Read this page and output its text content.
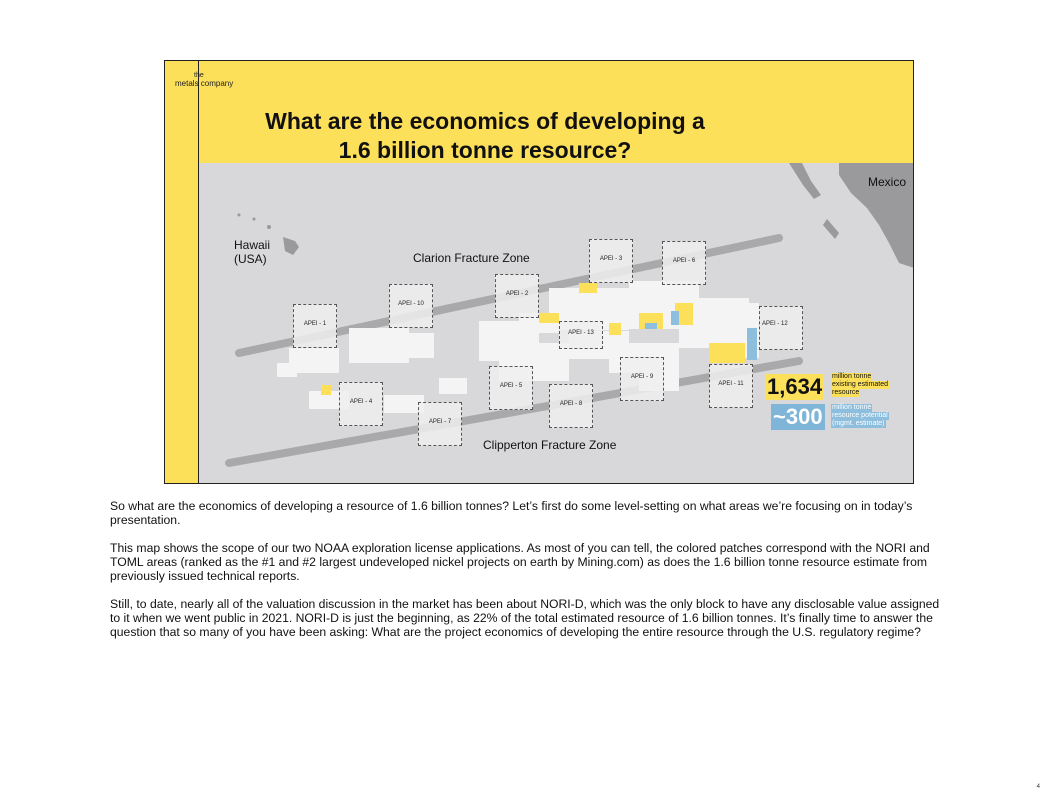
the
metals company
What are the economics of developing a
1.6 billion tonne resource?
Mexico
Hawaii
(USA)	Clarion Fracture Zone
Clipperton Fracture Zone
APEI - 1
APEI - 2
APEI - 3
APEI - 4
APEI - 5
APEI - 6
APEI - 7
APEI - 8
APEI - 9
APEI - 10
APEI - 11
APEI - 12
APEI - 13
1,634 million tonne
existing estimated
resource
~300 million tonne
resource potential
(mgmt. estimate)

So what are the economics of developing a resource of 1.6 billion tonnes? Let’s first do some level-setting on what areas we’re focusing on in today’s presentation.

This map shows the scope of our two NOAA exploration license applications. As most of you can tell, the colored patches correspond with the NORI and TOML areas (ranked as the #1 and #2 largest undeveloped nickel projects on earth by Mining.com) as does the 1.6 billion tonne resource estimate from previously issued technical reports.

Still, to date, nearly all of the valuation discussion in the market has been about NORI-D, which was the only block to have any disclosable value assigned to it when we went public in 2021. NORI-D is just the beginning, as 22% of the total estimated resource of 1.6 billion tonnes. It’s finally time to answer the question that so many of you have been asking: What are the project economics of developing the entire resource through the U.S. regulatory regime?

4
